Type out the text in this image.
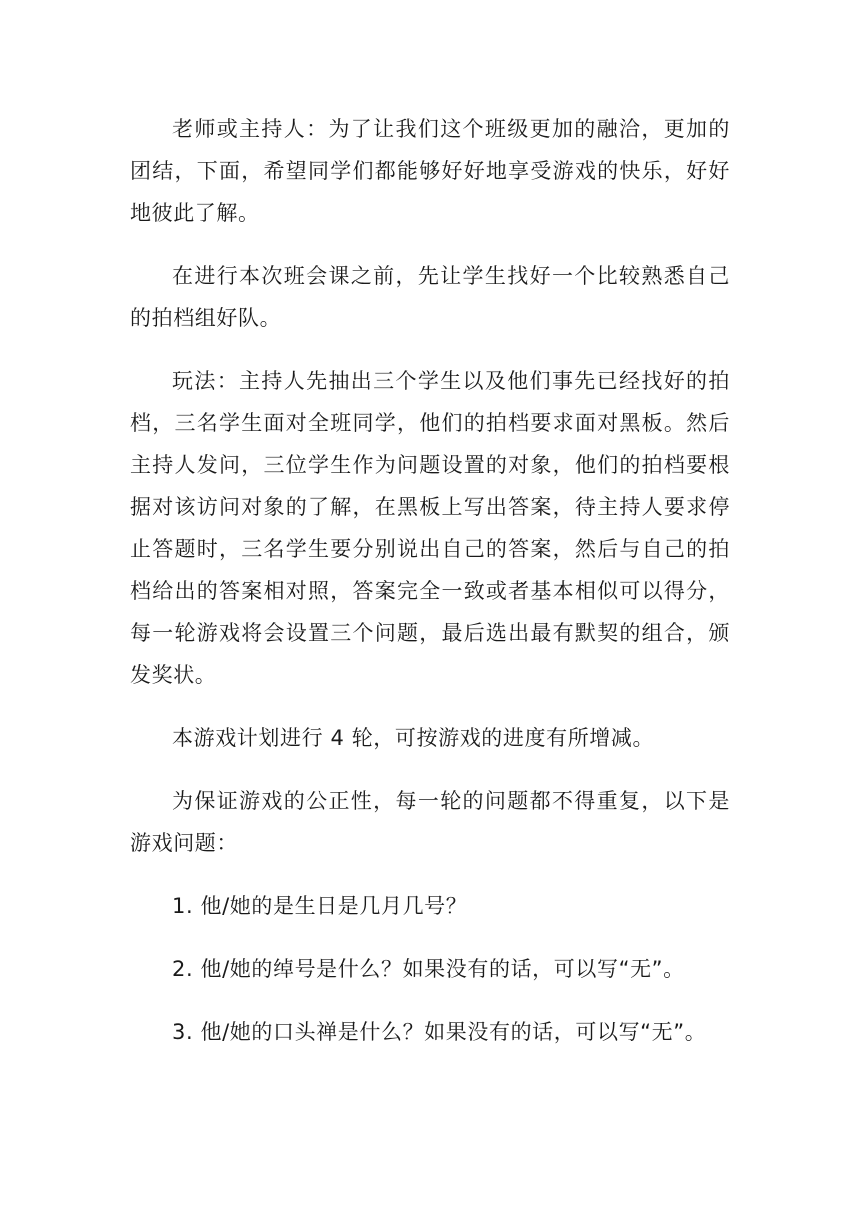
老师或主持人：为了让我们这个班级更加的融洽，更加的团结，下面，希望同学们都能够好好地享受游戏的快乐，好好地彼此了解。

在进行本次班会课之前，先让学生找好一个比较熟悉自己的拍档组好队。

玩法：主持人先抽出三个学生以及他们事先已经找好的拍档，三名学生面对全班同学，他们的拍档要求面对黑板。然后主持人发问，三位学生作为问题设置的对象，他们的拍档要根据对该访问对象的了解，在黑板上写出答案，待主持人要求停止答题时，三名学生要分别说出自己的答案，然后与自己的拍档给出的答案相对照，答案完全一致或者基本相似可以得分，每一轮游戏将会设置三个问题，最后选出最有默契的组合，颁发奖状。

本游戏计划进行 4 轮，可按游戏的进度有所增减。

为保证游戏的公正性，每一轮的问题都不得重复，以下是游戏问题：

1. 他/她的是生日是几月几号？

2. 他/她的绰号是什么？如果没有的话，可以写“无”。

3. 他/她的口头禅是什么？如果没有的话，可以写“无”。
